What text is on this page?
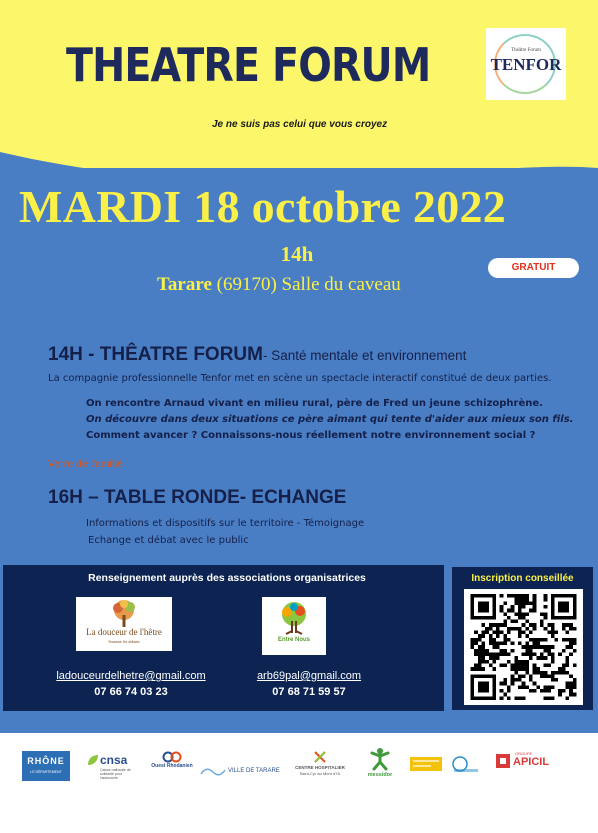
THEATRE FORUM	Théâtre Forum
TENFOR
Je ne suis pas celui que vous croyez
MARDI 18 octobre 2022
14h
Tarare (69170) Salle du caveau
GRATUIT
14H - THÊATRE FORUM- Santé mentale et environnement
La compagnie professionnelle Tenfor met en scène un spectacle interactif constitué de deux parties.
On rencontre Arnaud vivant en milieu rural, père de Fred un jeune schizophrène.
On découvre dans deux situations ce père aimant qui tente d'aider aux mieux son fils.
Comment avancer ? Connaissons-nous réellement notre environnement social ?
Verre de l'amitié
16H – TABLE RONDE- ECHANGE
Informations et dispositifs sur le territoire - Témoignage
Echange et débat avec le public
Renseignement auprès des associations organisatrices
La douceur de l'hêtre
Soutenir les aidants	Entre Nous
ladouceurdelhetre@gmail.com
07 66 74 03 23
arb69pal@gmail.com
07 68 71 59 57
Inscription conseillée
RHÔNE
LE DÉPARTEMENT
cnsa
Caisse nationale de solidarité pour l'autonomie
Ouest Rhodanien
VILLE DE TARARE
CENTRE HOSPITALIER
Saint-Cyr au Mont d'Or	messidor
GROUPE
APICIL
